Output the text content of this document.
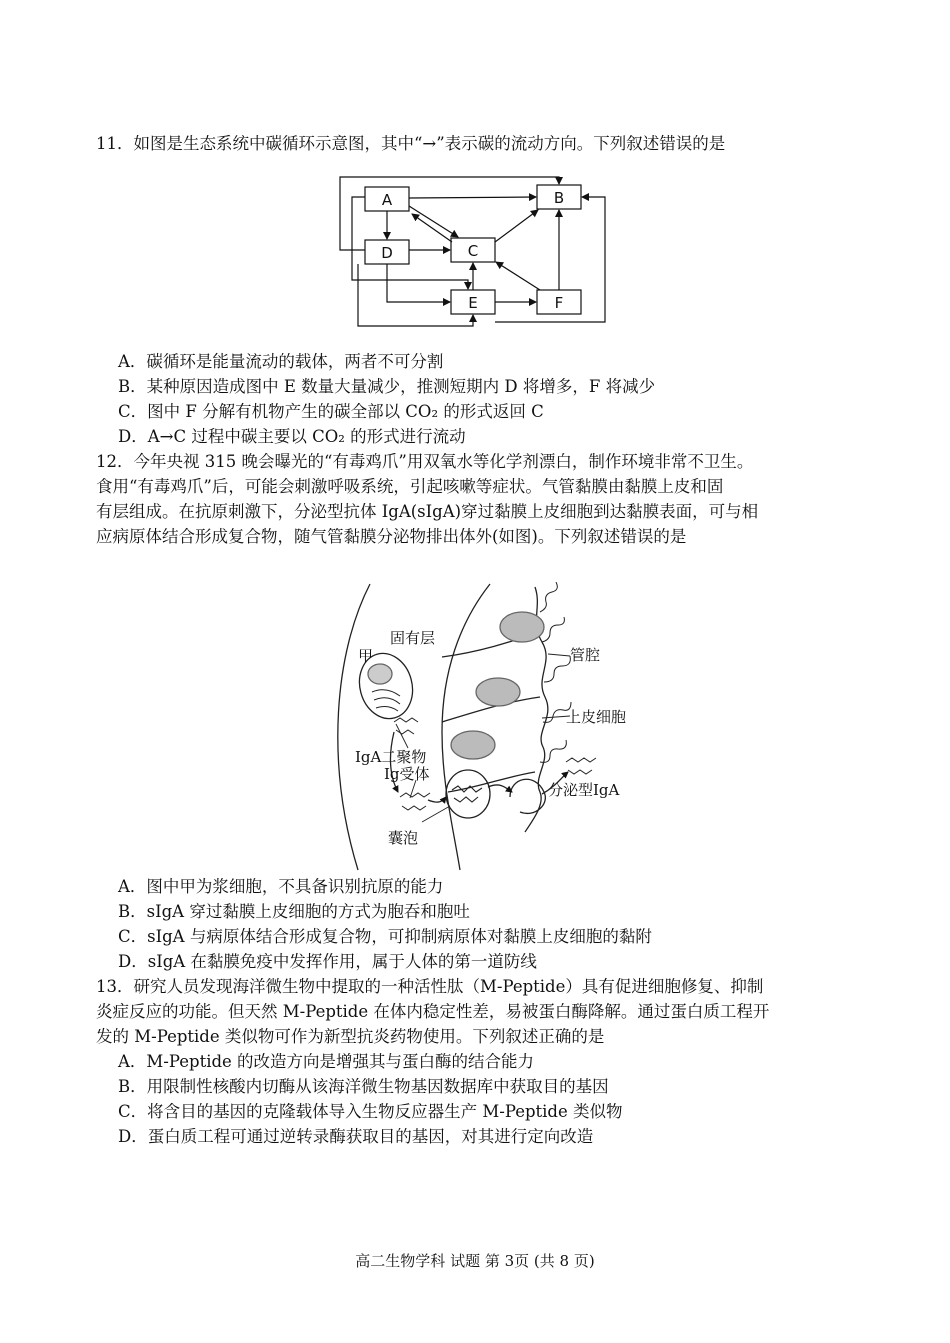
11．如图是生态系统中碳循环示意图，其中“→”表示碳的流动方向。下列叙述错误的是
A	B
C
D
E	F
A．碳循环是能量流动的载体，两者不可分割
B．某种原因造成图中 E 数量大量减少，推测短期内 D 将增多，F 将减少
C．图中 F 分解有机物产生的碳全部以 CO₂ 的形式返回 C
D．A→C 过程中碳主要以 CO₂ 的形式进行流动
12．今年央视 315 晚会曝光的“有毒鸡爪”用双氧水等化学剂漂白，制作环境非常不卫生。
食用“有毒鸡爪”后，可能会刺激呼吸系统，引起咳嗽等症状。气管黏膜由黏膜上皮和固
有层组成。在抗原刺激下，分泌型抗体 IgA(sIgA)穿过黏膜上皮细胞到达黏膜表面，可与相
应病原体结合形成复合物，随气管黏膜分泌物排出体外(如图)。下列叙述错误的是
固有层
甲	管腔
上皮细胞
IgA二聚物
Ig受体
分泌型IgA
囊泡
A．图中甲为浆细胞，不具备识别抗原的能力
B．sIgA 穿过黏膜上皮细胞的方式为胞吞和胞吐
C．sIgA 与病原体结合形成复合物，可抑制病原体对黏膜上皮细胞的黏附
D．sIgA 在黏膜免疫中发挥作用，属于人体的第一道防线
13．研究人员发现海洋微生物中提取的一种活性肽（M-Peptide）具有促进细胞修复、抑制
炎症反应的功能。但天然 M-Peptide 在体内稳定性差，易被蛋白酶降解。通过蛋白质工程开
发的 M-Peptide 类似物可作为新型抗炎药物使用。下列叙述正确的是
A．M-Peptide 的改造方向是增强其与蛋白酶的结合能力
B．用限制性核酸内切酶从该海洋微生物基因数据库中获取目的基因
C．将含目的基因的克隆载体导入生物反应器生产 M-Peptide 类似物
D．蛋白质工程可通过逆转录酶获取目的基因，对其进行定向改造
高二生物学科 试题 第 3页 (共 8 页)
